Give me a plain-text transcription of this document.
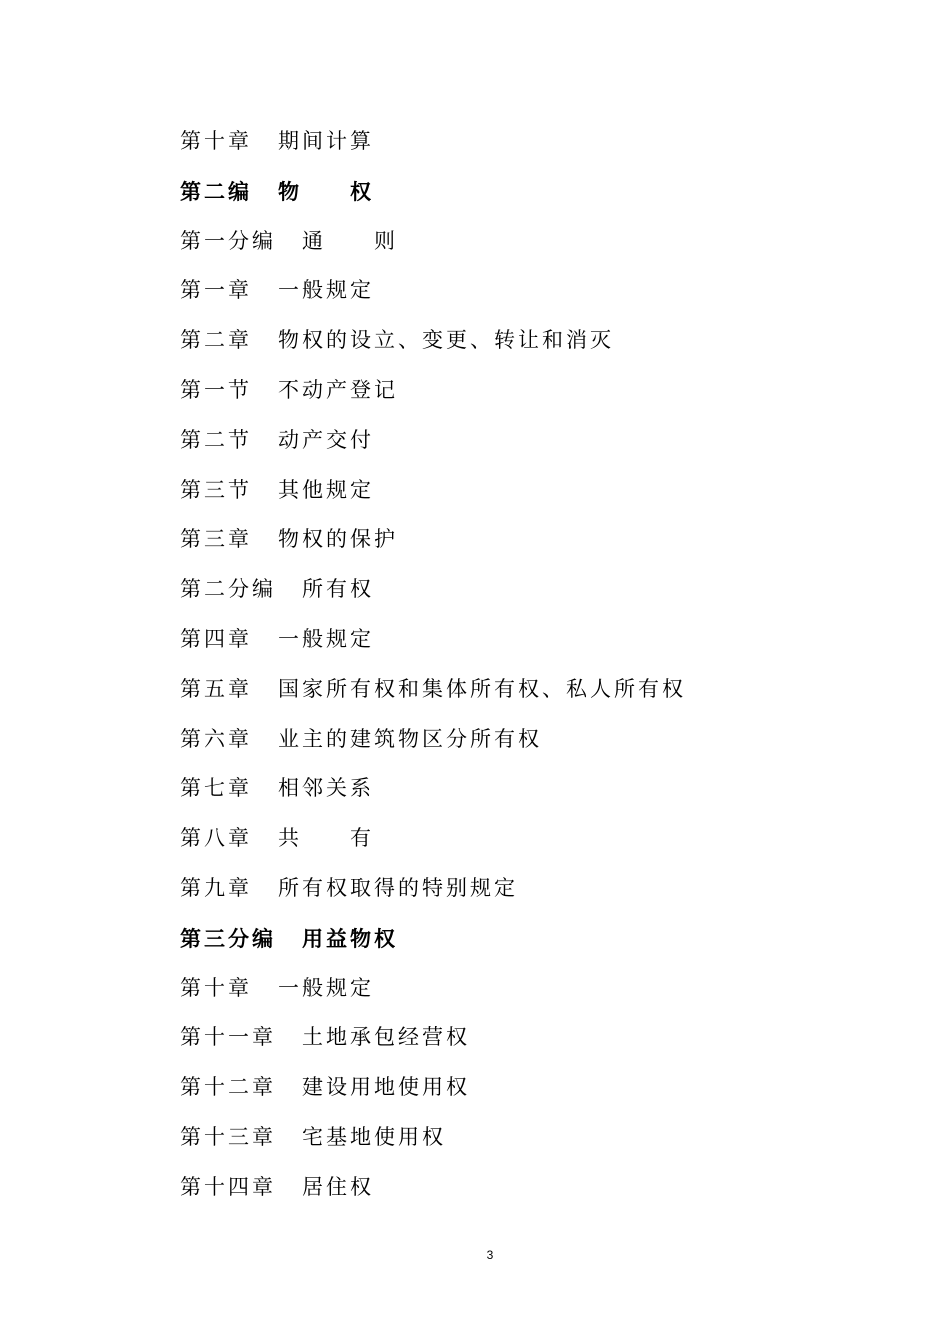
第十章 期间计算
第二编 物　　权
第一分编 通　　则
第一章 一般规定
第二章 物权的设立、变更、转让和消灭
第一节 不动产登记
第二节 动产交付
第三节 其他规定
第三章 物权的保护
第二分编 所有权
第四章 一般规定
第五章 国家所有权和集体所有权、私人所有权
第六章 业主的建筑物区分所有权
第七章 相邻关系
第八章 共　　有
第九章 所有权取得的特别规定
第三分编 用益物权
第十章 一般规定
第十一章 土地承包经营权
第十二章 建设用地使用权
第十三章 宅基地使用权
第十四章 居住权
3
